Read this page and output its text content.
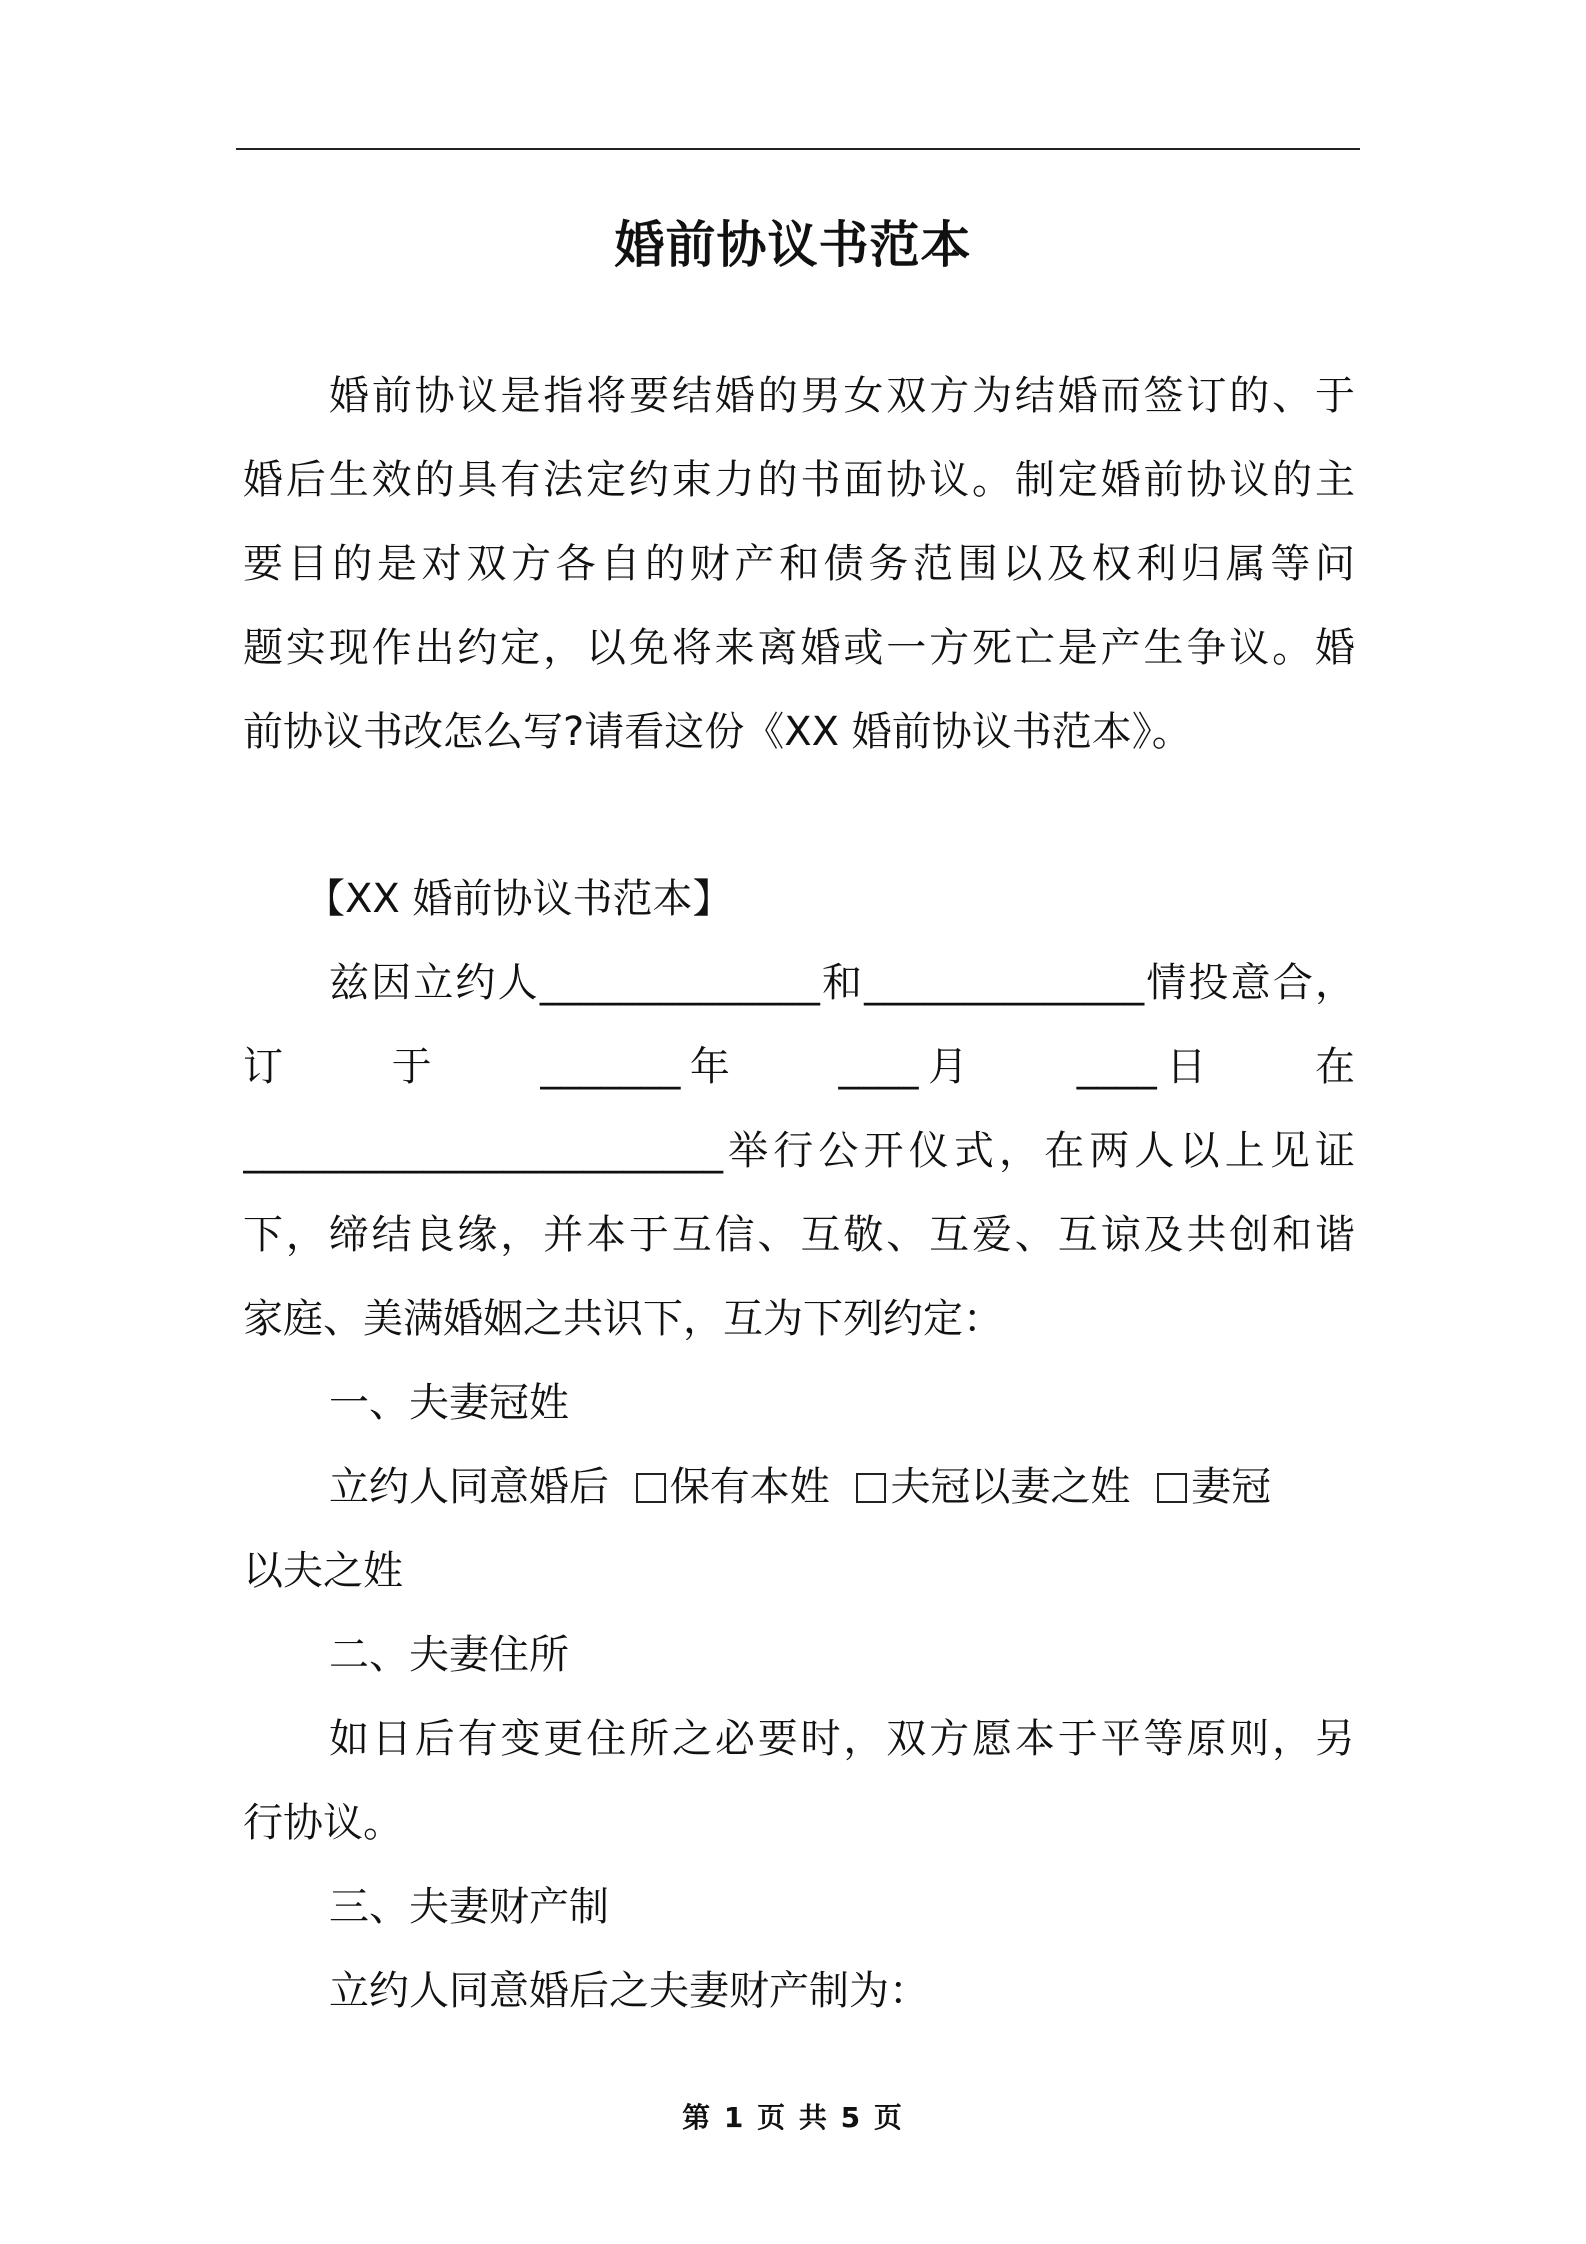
婚前协议书范本
婚前协议是指将要结婚的男女双方为结婚而签订的、于
婚后生效的具有法定约束力的书面协议。制定婚前协议的主
要目的是对双方各自的财产和债务范围以及权利归属等问
题实现作出约定，以免将来离婚或一方死亡是产生争议。婚
前协议书改怎么写?请看这份《XX 婚前协议书范本》。
【XX 婚前协议书范本】
兹因立约人______________和______________情投意合，
订　　于　　_______年　　____月　　____日　　在
________________________举行公开仪式，在两人以上见证
下，缔结良缘，并本于互信、互敬、互爱、互谅及共创和谐
家庭、美满婚姻之共识下，互为下列约定：
一、夫妻冠姓
立约人同意婚后 保有本姓 夫冠以妻之姓 妻冠
以夫之姓
二、夫妻住所
如日后有变更住所之必要时，双方愿本于平等原则，另
行协议。
三、夫妻财产制
立约人同意婚后之夫妻财产制为：
第 1 页 共 5 页
